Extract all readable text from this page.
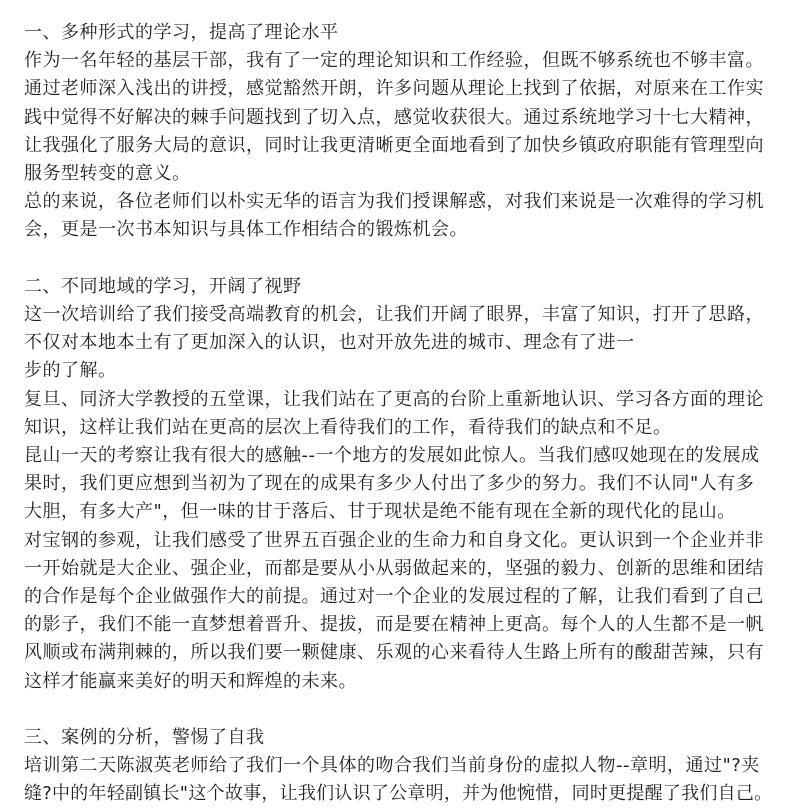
一、多种形式的学习，提高了理论水平
作为一名年轻的基层干部，我有了一定的理论知识和工作经验，但既不够系统也不够丰富。
通过老师深入浅出的讲授，感觉豁然开朗，许多问题从理论上找到了依据，对原来在工作实
践中觉得不好解决的棘手问题找到了切入点，感觉收获很大。通过系统地学习十七大精神，
让我强化了服务大局的意识，同时让我更清晰更全面地看到了加快乡镇政府职能有管理型向
服务型转变的意义。
总的来说，各位老师们以朴实无华的语言为我们授课解惑，对我们来说是一次难得的学习机
会，更是一次书本知识与具体工作相结合的锻炼机会。
二、不同地域的学习，开阔了视野
这一次培训给了我们接受高端教育的机会，让我们开阔了眼界，丰富了知识，打开了思路，
不仅对本地本土有了更加深入的认识，也对开放先进的城市、理念有了进一
步的了解。
复旦、同济大学教授的五堂课，让我们站在了更高的台阶上重新地认识、学习各方面的理论
知识，这样让我们站在更高的层次上看待我们的工作，看待我们的缺点和不足。
昆山一天的考察让我有很大的感触--一个地方的发展如此惊人。当我们感叹她现在的发展成
果时，我们更应想到当初为了现在的成果有多少人付出了多少的努力。我们不认同"人有多
大胆，有多大产"，但一味的甘于落后、甘于现状是绝不能有现在全新的现代化的昆山。
对宝钢的参观，让我们感受了世界五百强企业的生命力和自身文化。更认识到一个企业并非
一开始就是大企业、强企业，而都是要从小从弱做起来的，坚强的毅力、创新的思维和团结
的合作是每个企业做强作大的前提。通过对一个企业的发展过程的了解，让我们看到了自己
的影子，我们不能一直梦想着晋升、提拔，而是要在精神上更高。每个人的人生都不是一帆
风顺或布满荆棘的，所以我们要一颗健康、乐观的心来看待人生路上所有的酸甜苦辣，只有
这样才能赢来美好的明天和辉煌的未来。
三、案例的分析，警惕了自我
培训第二天陈淑英老师给了我们一个具体的吻合我们当前身份的虚拟人物--章明，通过"?夹
缝?中的年轻副镇长"这个故事，让我们认识了公章明，并为他惋惜，同时更提醒了我们自己。
